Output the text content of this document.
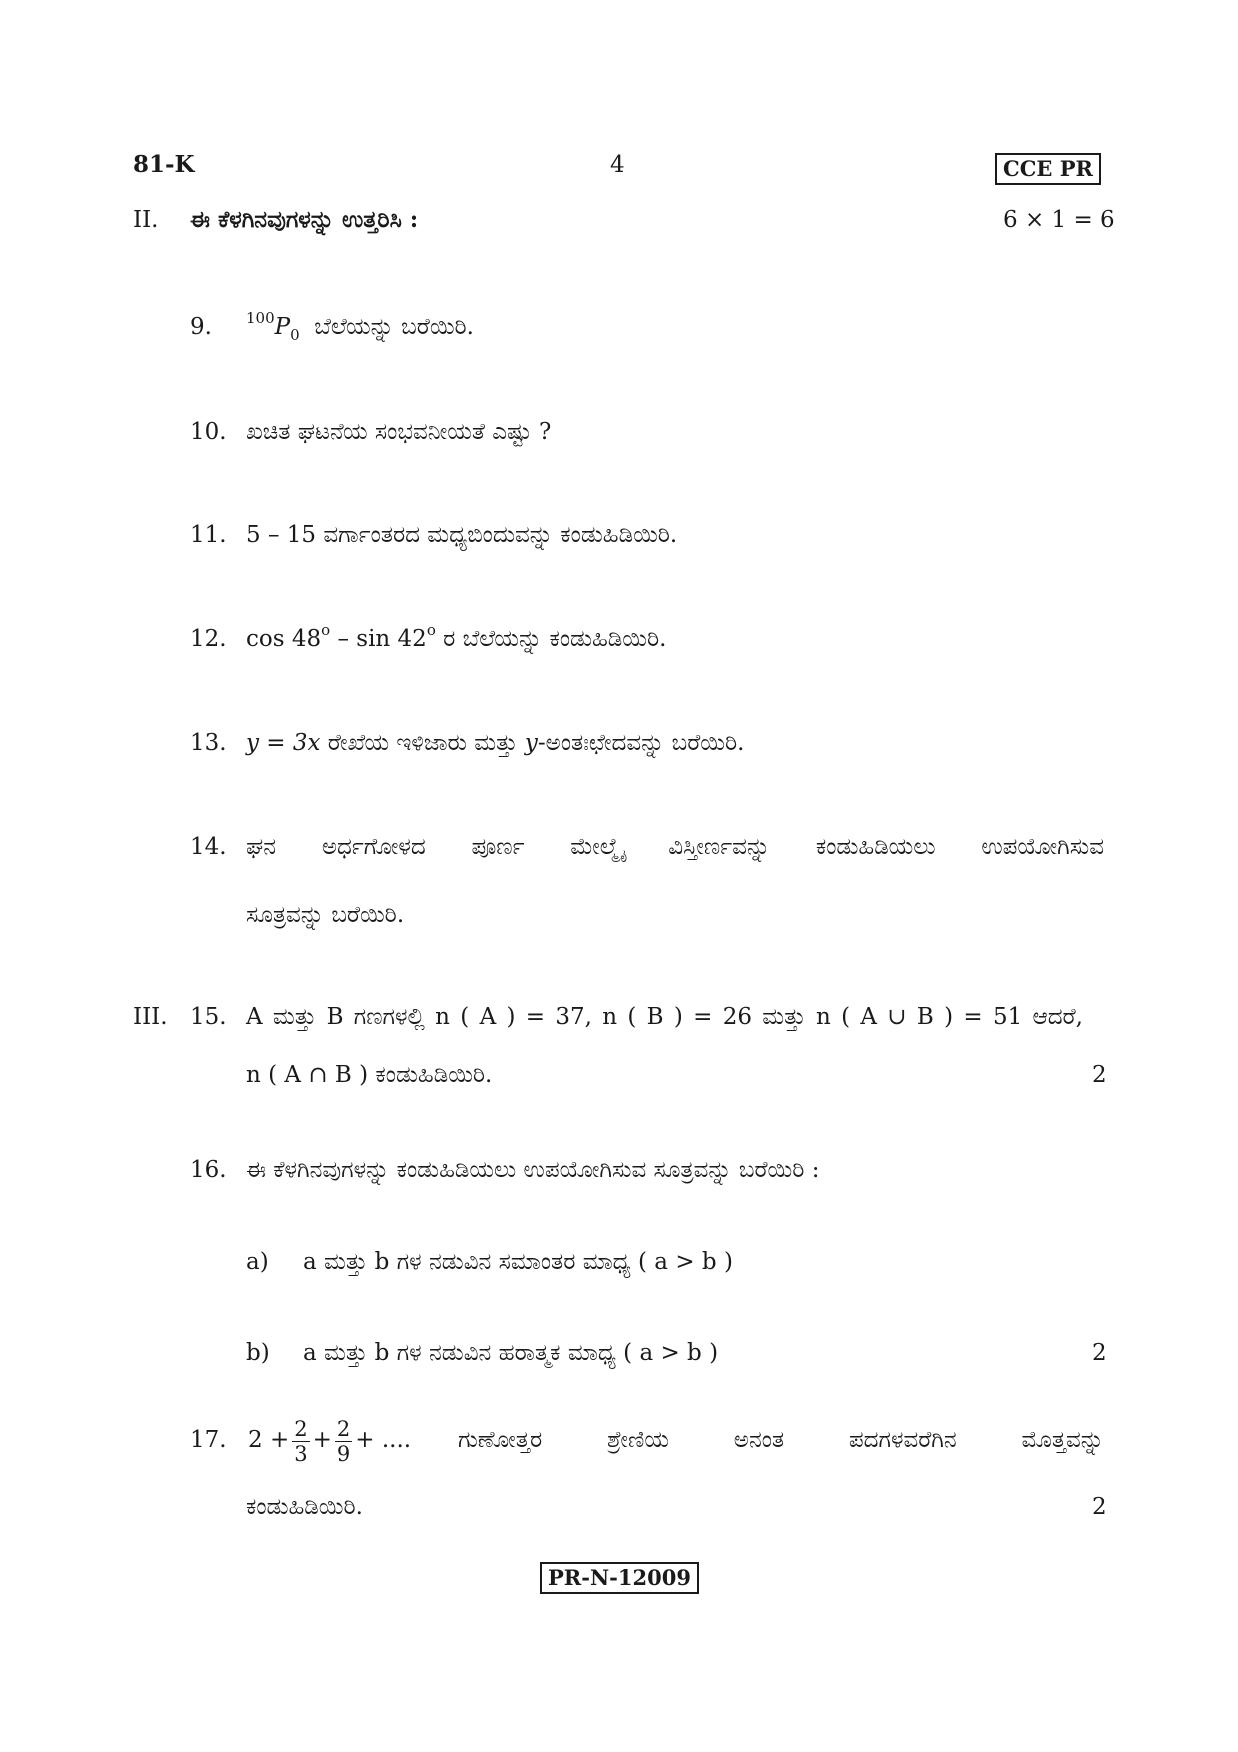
81-K	4	CCE PR
II. ಈ ಕೆಳಗಿನವುಗಳನ್ನು ಉತ್ತರಿಸಿ :	6 × 1 = 6
9. $^{100}P_0$ ಬೆಲೆಯನ್ನು ಬರೆಯಿರಿ.
10. ಖಚಿತ ಘಟನೆಯ ಸಂಭವನೀಯತೆ ಎಷ್ಟು ?
11. 5 – 15 ವರ್ಗಾಂತರದ ಮಧ್ಯಬಿಂದುವನ್ನು ಕಂಡುಹಿಡಿಯಿರಿ.
12. cos 48$^o$ – sin 42$^o$ ರ ಬೆಲೆಯನ್ನು ಕಂಡುಹಿಡಿಯಿರಿ.
13. y = 3x ರೇಖೆಯ ಇಳಿಜಾರು ಮತ್ತು y-ಅಂತಃಛೇದವನ್ನು ಬರೆಯಿರಿ.
14. ಘನ ಅರ್ಧಗೋಳದ ಪೂರ್ಣ ಮೇಲ್ಮೈ ವಿಸ್ತೀರ್ಣವನ್ನು ಕಂಡುಹಿಡಿಯಲು ಉಪಯೋಗಿಸುವ
ಸೂತ್ರವನ್ನು ಬರೆಯಿರಿ.
III. 15. A ಮತ್ತು B ಗಣಗಳಲ್ಲಿ n ( A ) = 37, n ( B ) = 26 ಮತ್ತು n ( A ∪ B ) = 51 ಆದರೆ,
n ( A ∩ B ) ಕಂಡುಹಿಡಿಯಿರಿ.	2
16. ಈ ಕೆಳಗಿನವುಗಳನ್ನು ಕಂಡುಹಿಡಿಯಲು ಉಪಯೋಗಿಸುವ ಸೂತ್ರವನ್ನು ಬರೆಯಿರಿ :
a) a ಮತ್ತು b ಗಳ ನಡುವಿನ ಸಮಾಂತರ ಮಾಧ್ಯ ( a > b )
b) a ಮತ್ತು b ಗಳ ನಡುವಿನ ಹರಾತ್ಮಕ ಮಾಧ್ಯ ( a > b )	2
17. $2 + \frac{2}{3} + \frac{2}{9}$ + .... ಗುಣೋತ್ತರ	ಶ್ರೇಣಿಯ	ಅನಂತ	ಪದಗಳವರೆಗಿನ	ಮೊತ್ತವನ್ನು
ಕಂಡುಹಿಡಿಯಿರಿ.	2
PR-N-12009
